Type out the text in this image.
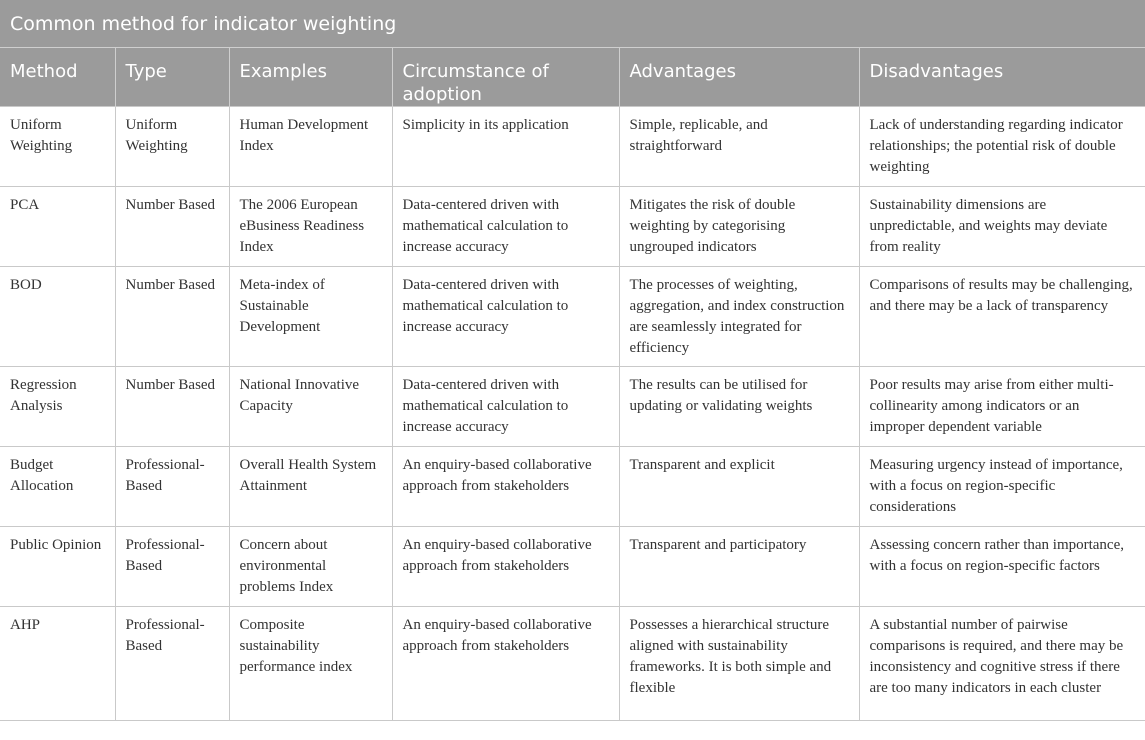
Common method for indicator weighting
Method	Type	Examples	Circumstance of adoption	Advantages	Disadvantages
Uniform Weighting	Uniform Weighting	Human Development Index	Simplicity in its application	Simple, replicable, and straightforward	Lack of understanding regarding indicator relationships; the potential risk of double weighting
PCA	Number Based	The 2006 European eBusiness Readiness Index	Data-centered driven with mathematical calculation to increase accuracy	Mitigates the risk of double weighting by categorising ungrouped indicators	Sustainability dimensions are unpredictable, and weights may deviate from reality
BOD	Number Based	Meta-index of Sustainable Development	Data-centered driven with mathematical calculation to increase accuracy	The processes of weighting, aggregation, and index construction are seamlessly integrated for efficiency	Comparisons of results may be challenging, and there may be a lack of transparency
Regression Analysis	Number Based	National Innovative Capacity	Data-centered driven with mathematical calculation to increase accuracy	The results can be utilised for updating or validating weights	Poor results may arise from either multi-collinearity among indicators or an improper dependent variable
Budget Allocation	Professional-Based	Overall Health System Attainment	An enquiry-based collaborative approach from stakeholders	Transparent and explicit	Measuring urgency instead of importance, with a focus on region-specific considerations
Public Opinion	Professional-Based	Concern about environmental problems Index	An enquiry-based collaborative approach from stakeholders	Transparent and participatory	Assessing concern rather than importance, with a focus on region-specific factors
AHP	Professional-Based	Composite sustainability performance index	An enquiry-based collaborative approach from stakeholders	Possesses a hierarchical structure aligned with sustainability frameworks. It is both simple and flexible	A substantial number of pairwise comparisons is required, and there may be inconsistency and cognitive stress if there are too many indicators in each cluster
